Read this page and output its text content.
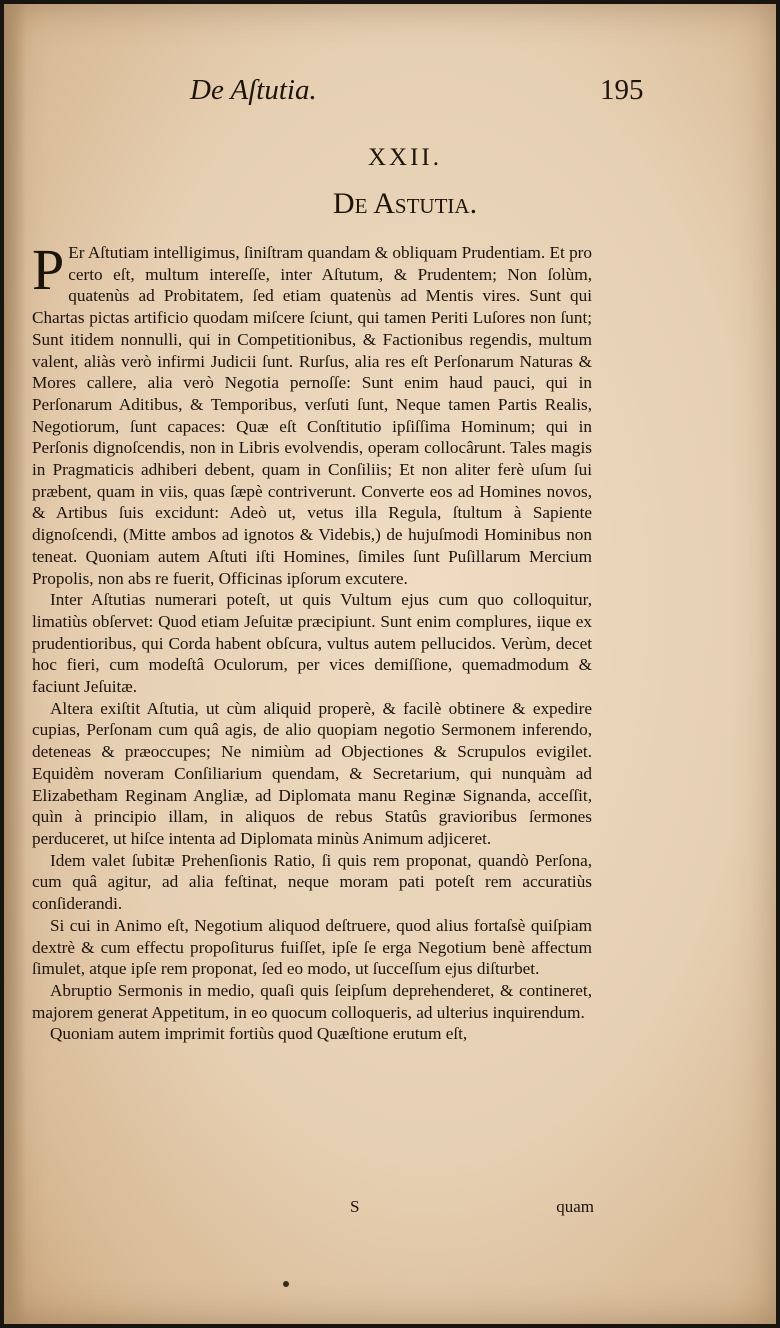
De Aſtutia.	195

XXII.

De Astutia.

P Er Aſtutiam intelligimus, ſiniſtram quandam & obliquam Prudentiam. Et pro certo eſt, multum intereſſe, inter Aſtutum, & Prudentem; Non ſolùm, quatenùs ad Probitatem, ſed etiam quatenùs ad Mentis vires. Sunt qui Chartas pictas artificio quodam miſcere ſciunt, qui tamen Periti Luſores non ſunt; Sunt itidem nonnulli, qui in Competitionibus, & Factionibus regendis, multum valent, aliàs verò infirmi Judicii ſunt. Rurſus, alia res eſt Perſonarum Naturas & Mores callere, alia verò Negotia pernoſſe: Sunt enim haud pauci, qui in Perſonarum Aditibus, & Temporibus, verſuti ſunt, Neque tamen Partis Realis, Negotiorum, ſunt capaces: Quæ eſt Conſtitutio ipſiſſima Hominum; qui in Perſonis dignoſcendis, non in Libris evolvendis, operam collocârunt. Tales magis in Pragmaticis adhiberi debent, quam in Conſiliis; Et non aliter ferè uſum ſui præbent, quam in viis, quas ſæpè contriverunt. Converte eos ad Homines novos, & Artibus ſuis excidunt: Adeò ut, vetus illa Regula, ſtultum à Sapiente dignoſcendi, (Mitte ambos ad ignotos & Videbis,) de hujuſmodi Hominibus non teneat. Quoniam autem Aſtuti iſti Homines, ſimiles ſunt Puſillarum Mercium Propolis, non abs re fuerit, Officinas ipſorum excutere.

Inter Aſtutias numerari poteſt, ut quis Vultum ejus cum quo colloquitur, limatiùs obſervet: Quod etiam Jeſuitæ præcipiunt. Sunt enim complures, iique ex prudentioribus, qui Corda habent obſcura, vultus autem pellucidos. Verùm, decet hoc fieri, cum modeſtâ Oculorum, per vices demiſſione, quemadmodum & faciunt Jeſuitæ.

Altera exiſtit Aſtutia, ut cùm aliquid properè, & facilè obtinere & expedire cupias, Perſonam cum quâ agis, de alio quopiam negotio Sermonem inferendo, deteneas & præoccupes; Ne nimiùm ad Objectiones & Scrupulos evigilet. Equidèm noveram Conſiliarium quendam, & Secretarium, qui nunquàm ad Elizabetham Reginam Angliæ, ad Diplomata manu Reginæ Signanda, acceſſit, quìn à principio illam, in aliquos de rebus Statûs gravioribus ſermones perduceret, ut hiſce intenta ad Diplomata minùs Animum adjiceret.

Idem valet ſubitæ Prehenſionis Ratio, ſi quis rem proponat, quandò Perſona, cum quâ agitur, ad alia feſtinat, neque moram pati poteſt rem accuratiùs conſiderandi.

Si cui in Animo eſt, Negotium aliquod deſtruere, quod alius fortaſsè quiſpiam dextrè & cum effectu propoſiturus fuiſſet, ipſe ſe erga Negotium benè affectum ſimulet, atque ipſe rem proponat, ſed eo modo, ut ſucceſſum ejus diſturbet.

Abruptio Sermonis in medio, quaſi quis ſeipſum deprehenderet, & contineret, majorem generat Appetitum, in eo quocum colloqueris, ad ulterius inquirendum.

Quoniam autem imprimit fortiùs quod Quæſtione erutum eſt,

S	quam
